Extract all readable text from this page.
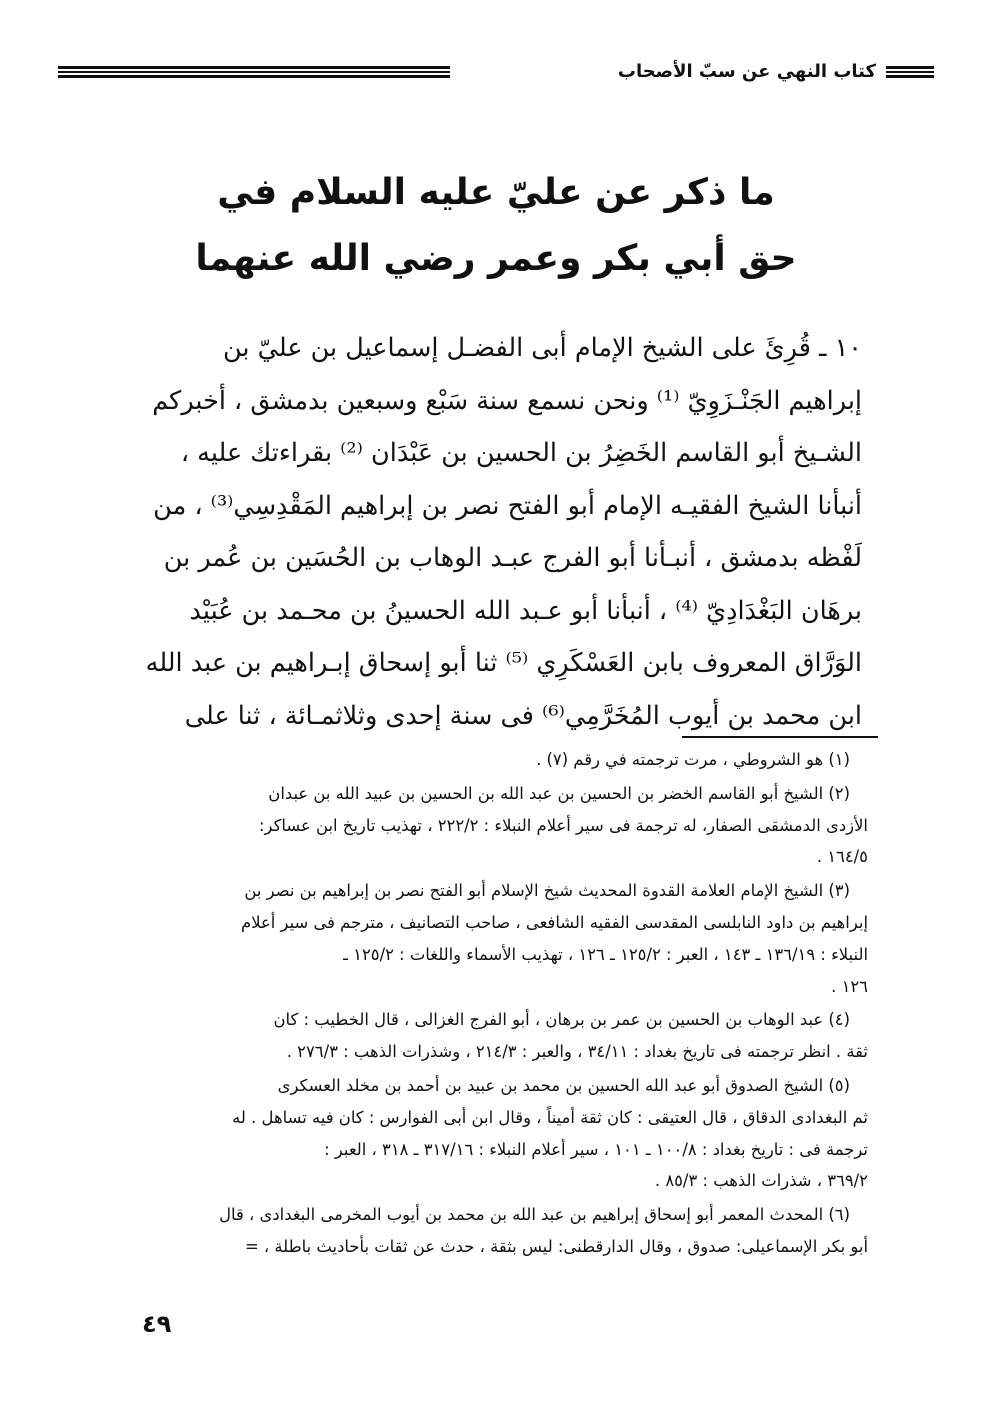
كتاب النهي عن سبّ الأصحاب
ما ذكر عن عليّ عليه السلام في
حق أبي بكر وعمر رضي الله عنهما
١٠ ـ قُرِئَ على الشيخ الإمام أبى الفضـل إسماعيل بن عليّ بن
إبراهيم الجَنْـزَوِيّ ⁽¹⁾ ونحن نسمع سنة سَبْع وسبعين بدمشق ، أخبركم
الشـيخ أبو القاسم الخَضِرُ بن الحسين بن عَبْدَان ⁽²⁾ بقراءتك عليه ،
أنبأنا الشيخ الفقيـه الإمام أبو الفتح نصر بن إبراهيم المَقْدِسِي⁽³⁾ ، من
لَفْظه بدمشق ، أنبـأنا أبو الفرج عبـد الوهاب بن الحُسَين بن عُمر بن
برهَان البَغْدَادِيّ ⁽⁴⁾ ، أنبأنا أبو عـبد الله الحسينُ بن محـمد بن عُبَيْد
الوَرَّاق المعروف بابن العَسْكَرِي ⁽⁵⁾ ثنا أبو إسحاق إبـراهيم بن عبد الله
ابن محمد بن أيوب المُخَرَّمِي⁽⁶⁾ فى سنة إحدى وثلاثمـائة ، ثنا على
(١) هو الشروطي ، مرت ترجمته في رقم (٧) .
(٢) الشيخ أبو القاسم الخضر بن الحسين بن عبد الله بن الحسين بن عبيد الله بن عبدان
الأزدى الدمشقى الصفار، له ترجمة فى سير أعلام النبلاء : ٢٢٢/٢ ، تهذيب تاريخ ابن عساكر:
١٦٤/٥ .
(٣) الشيخ الإمام العلامة القدوة المحديث شيخ الإسلام أبو الفتح نصر بن إبراهيم بن نصر بن
إبراهيم بن داود النابلسى المقدسى الفقيه الشافعى ، صاحب التصانيف ، مترجم فى سير أعلام
النبلاء : ١٣٦/١٩ ـ ١٤٣ ، العبر : ١٢٥/٢ ـ ١٢٦ ، تهذيب الأسماء واللغات : ١٢٥/٢ ـ
١٢٦ .
(٤) عبد الوهاب بن الحسين بن عمر بن برهان ، أبو الفرج الغزالى ، قال الخطيب : كان
ثقة . انظر ترجمته فى تاريخ بغداد : ٣٤/١١ ، والعبر : ٢١٤/٣ ، وشذرات الذهب : ٢٧٦/٣ .
(٥) الشيخ الصدوق أبو عبد الله الحسين بن محمد بن عبيد بن أحمد بن مخلد العسكرى
ثم البغدادى الدقاق ، قال العتيقى : كان ثقة أميناً ، وقال ابن أبى الفوارس : كان فيه تساهل . له
ترجمة فى : تاريخ بغداد : ١٠٠/٨ ـ ١٠١ ، سير أعلام النبلاء : ٣١٧/١٦ ـ ٣١٨ ، العبر :
٣٦٩/٢ ، شذرات الذهب : ٨٥/٣ .
(٦) المحدث المعمر أبو إسحاق إبراهيم بن عبد الله بن محمد بن أيوب المخرمى البغدادى ، قال
أبو بكر الإسماعيلى: صدوق ، وقال الدارقطنى: ليس بثقة ، حدث عن ثقات بأحاديث باطلة ، =
٤٩
